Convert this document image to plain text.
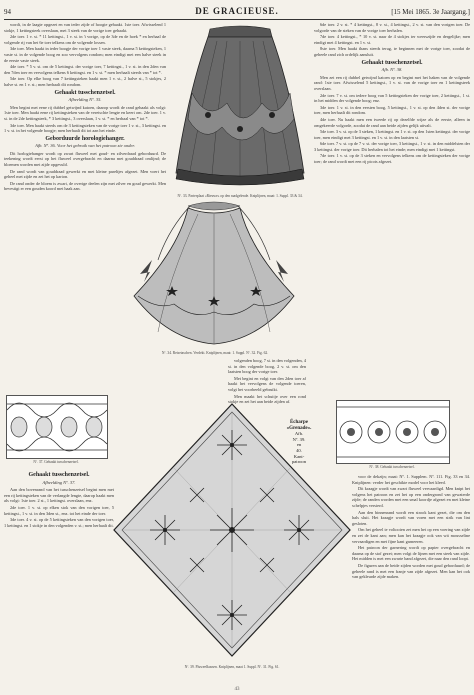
94	DE GRACIEUSE.	[15 Mei 1865. 3e Jaargang.]

wordt, in de laagte opgezet en van ieder zijde of hoogte gehaakt. 1ste toer. Afwisselend 1 stokje, 1 kettingsteek overslaan, met 3 steek van de vorige toer gehaakt.

2de toer. 1 v. st. * 11 kettingst., 1 v. st. in 't vorige, op de 3de en de hoek * en herhaal de volgende rij van het 6e toer telkens om de volgende lossen.

3de toer. Men haakt in ieder boogje der vorige toer 1 vaste steek, daarna 5 kettingsteken, 1 vaste st. in de volgende boog en zoo vervolgens rondom; men eindigt met een halve steek in de eerste vaste steek.

4de toer. * 5 v. st. om de 5 kettingst. der vorige toer, 7 kettingst., 1 v. st. in den 2den van den 7den toer en vervolgens telkens 6 kettingst. en 1 v. st. * men herhaalt steeds van * tot *.

5de toer. Op elke boog van 7 kettingsteken haakt men 1 v. st., 2 halve st., 5 stokjes, 2 halve st. en 1 v. st.; men herhaalt dit rondom.

Gehaakt tusschenzetsel.
Afbeelding Nº. 35.

Men begint met eene rij dubbel getwijnd katoen, daarop wordt de rand gehaakt als volgt: 1ste toer. Men haakt eene rij kettingsteken van de vereischte lengte en keert om. 2de toer. 1 v. st. in de 2de kettingsteek, * 3 kettingst., 3 overslaan, 1 v. st. * en herhaal van * tot *.

3de toer. Men haakt steeds om de 3 kettingsteken van de vorige toer 1 v. st., 3 kettingst. en 1 v. st. in het volgende boogje; men herhaalt dit tot aan het einde.

Geborduurde horologiehanger.
Afb. Nº. 36. Voor het gebruik van het patroon zie onder.

Dit horlogiehanger wordt op zwart fluweel met goud- en zilverdraad geborduurd. De teekening wordt eerst op het fluweel overgebracht en daarna met gouddraad omlijnd; de bloemen worden met zijde opgevuld.

De rand wordt van gouddraad gewerkt en met kleine pareltjes afgezet. Men voert het geheel met zijde en zet het op karton.

De rand onder de bloem is zwart, de overige deelen zijn met zilver en goud gewerkt. Men bevestigt er een gouden koord met haak aan.

Nº. 33. Parterplaat «Rieuwe» op den raadgelende. Kniplijnen, maat: 1. Suppl. 33 & 34.

6de toer. 2 v. st. * 4 kettingst., 8 v. st., 4 kettingst., 2 v. st. van den vorigen toer. De volgorde van de steken van de vorige toer herhalen.

7de toer. 4 kettingst., * 10 v. st. naar de 4 stokjes ter weerszijde en dergelijke; men eindigt met 4 kettingst. en 1 v. st.

8ste toer. Men haakt thans steeds terug, te beginnen met de vorige toer, zoodat de geheele rand zich ordelijk aansluit.

Gehaakt tusschenzetsel.
Afb. Nº. 38.

Men zet een rij dubbel getwijnd katoen op en begint met het haken van de volgende rand: 1ste toer. Afwisselend 5 kettingst., 1 v. st. van de vorige toer en 1 kettingsteek overslaan.

2de toer. 7 v. st. om iedere boog van 5 kettingsteken der vorige toer, 2 kettingst., 1 st. in het midden der volgende boog; enz.

3de toer. 1 v. st. in den eersten boog, 5 kettingst., 1 v. st. op den 4den st. der vorige toer, men herhaalt dit rondom.

4de toer. Nu haakt men een tweede rij op dezelfde wijze als de eerste, alleen in omgekeerde volgorde, zoodat de rand aan beide zijden gelijk uitvalt.

5de toer. 3 v. st. op de 3 steken, 1 kettingst. en 1 v. st. op den 1sten kettingst. der vorige toer, men eindigt met 3 kettingst. en 1 v. st. in den laatsten st.

6de toer. 7 v. st. op de 7 v. st. der vorige toer, 3 kettingst., 1 v. st. in den middelsten der 3 kettingst. der vorige toer. Dit herhalen tot het einde; men eindigt met 1 kettingst.

7de toer. 1 v. st. op de 3 steken en vervolgens telkens om de kettingsteken der vorige toer; de rand wordt met een rij picots afgezet.

Nº. 34. Reisetaschen. Verdekt. Kniplijnen, maat: 1. Suppl. Nº. 32. Fig. 62.

volgenden boog, 7 st. in den volgenden, 4 st. in den volgende boog, 2 v. st. om den laatsten boog der vorige toer.

Met begint en volgt van den 2den toer af haakt het vervolgens de volgende toeren, volgt het voorbeeld gebruikt.

Men maakt het schuitje over een rond stokje en zet het aan beide zijden af.

Écharpe «Grenade».
Afb.
Nº. 39.
en
40.
Kant-
patroon
Nº. 37. Gehaakt tusschenzetsel.
Nº. 38. Gehaakt tusschenzetsel.
Gehaakt tusschenzetsel.
Afbeelding Nº. 37.

Aan den bovenrand van het tusschenzetsel begint men met een rij kettingsteken van de verlangde lengte, daarop haakt men als volgt: 1ste toer. 2 st., 1 kettingst. overslaan, enz.

2de toer. 1 v. st. op elken stok van den vorigen toer, 5 kettingst., 1 v. st. in den 3den st., enz. tot het einde der toer.

3de toer. 4 v. st. op de 5 kettingsteken van den vorigen toer, 1 kettingst. en 1 stokje in den volgenden v. st.; men herhaalt dit.

voor de dekzijn; maat: Nº. 1. Supplem. Nº. 111. Fig. 33 en 34. Kniplijnen: verder het geschikte model voor het kleed.

Dit kraagje wordt van zwart fluweel vervaardigd. Men knipt het volgens het patroon en zet het op een ondergrond van gewaterde zijde; de randen worden met een smal koordje afgezet en met kleine schelpjes versierd.

Aan den binnenrand wordt een strook kant gezet, die om den hals sluit. Het kraagje wordt van voren met een strik van lint gesloten.

Om het geheel te voltooien zet men het op een voering van zijde en zet de kant aan; men kan het kraagje ook van wit mousseline vervaardigen en met fijne kant garneeren.

Het patroon der garnering wordt op papier overgebracht en daarna op de stof gezet; men volgt de lijnen met een steek van zijde. Het midden is met een zwarte band afgezet, die naar den rand loopt.

De figuren aan de beide zijden worden met goud geborduurd; de geheele rand is met een franje van zijde afgezet. Men kan het ook van gekleurde zijde maken.

Nº. 39. Fluweelkussen. Kniplijnen, maat 1. Suppl. Nº. 31. Fig. 61.
43
